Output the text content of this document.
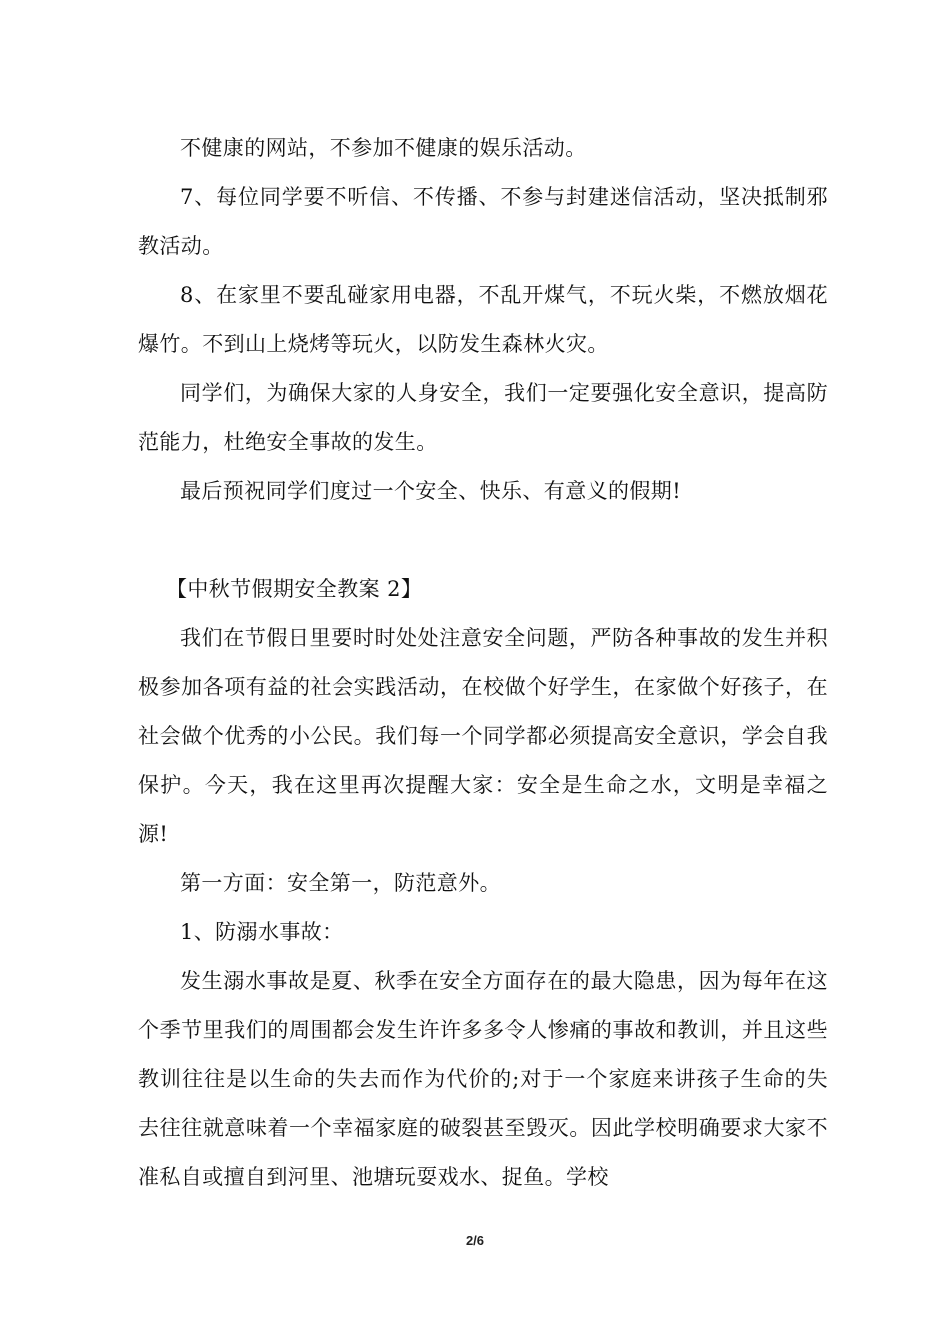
不健康的网站，不参加不健康的娱乐活动。

7、每位同学要不听信、不传播、不参与封建迷信活动，坚决抵制邪教活动。

8、在家里不要乱碰家用电器，不乱开煤气，不玩火柴，不燃放烟花爆竹。不到山上烧烤等玩火，以防发生森林火灾。

同学们，为确保大家的人身安全，我们一定要强化安全意识，提高防范能力，杜绝安全事故的发生。

最后预祝同学们度过一个安全、快乐、有意义的假期!

【中秋节假期安全教案 2】

我们在节假日里要时时处处注意安全问题，严防各种事故的发生并积极参加各项有益的社会实践活动，在校做个好学生，在家做个好孩子，在社会做个优秀的小公民。我们每一个同学都必须提高安全意识，学会自我保护。今天，我在这里再次提醒大家：安全是生命之水，文明是幸福之源!

第一方面：安全第一，防范意外。

1、防溺水事故：

发生溺水事故是夏、秋季在安全方面存在的最大隐患，因为每年在这个季节里我们的周围都会发生许许多多令人惨痛的事故和教训，并且这些教训往往是以生命的失去而作为代价的;对于一个家庭来讲孩子生命的失去往往就意味着一个幸福家庭的破裂甚至毁灭。因此学校明确要求大家不准私自或擅自到河里、池塘玩耍戏水、捉鱼。学校

2/6
